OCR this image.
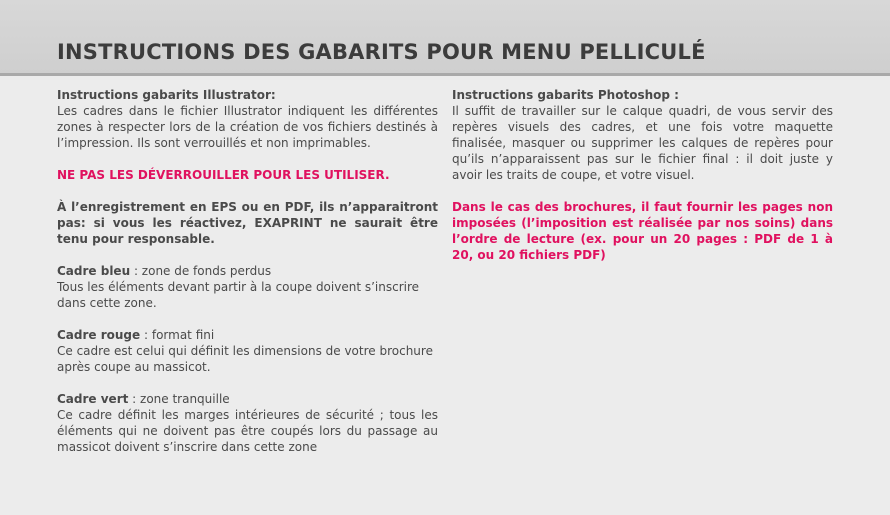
INSTRUCTIONS DES GABARITS POUR MENU PELLICULÉ

Instructions gabarits Illustrator:
Les cadres dans le fichier Illustrator indiquent les différentes zones à respecter lors de la création de vos fichiers destinés à l’impression. Ils sont verrouillés et non imprimables.

NE PAS LES DÉVERROUILLER POUR LES UTILISER.

À l’enregistrement en EPS ou en PDF, ils n’apparaitront pas: si vous les réactivez, EXAPRINT ne saurait être tenu pour responsable.

Cadre bleu : zone de fonds perdus
Tous les éléments devant partir à la coupe doivent s’inscrire dans cette zone.

Cadre rouge : format fini
Ce cadre est celui qui définit les dimensions de votre brochure après coupe au massicot.

Cadre vert : zone tranquille

Ce cadre définit les marges intérieures de sécurité ; tous les éléments qui ne doivent pas être coupés lors du passage au massicot doivent s’inscrire dans cette zone

Instructions gabarits Photoshop :
Il suffit de travailler sur le calque quadri, de vous servir des repères visuels des cadres, et une fois votre maquette finalisée, masquer ou supprimer les calques de repères pour qu’ils n’apparaissent pas sur le fichier final : il doit juste y avoir les traits de coupe, et votre visuel.

Dans le cas des brochures, il faut fournir les pages non imposées (l’imposition est réalisée par nos soins) dans l’ordre de lecture (ex. pour un 20 pages : PDF de 1 à 20, ou 20 fichiers PDF)
